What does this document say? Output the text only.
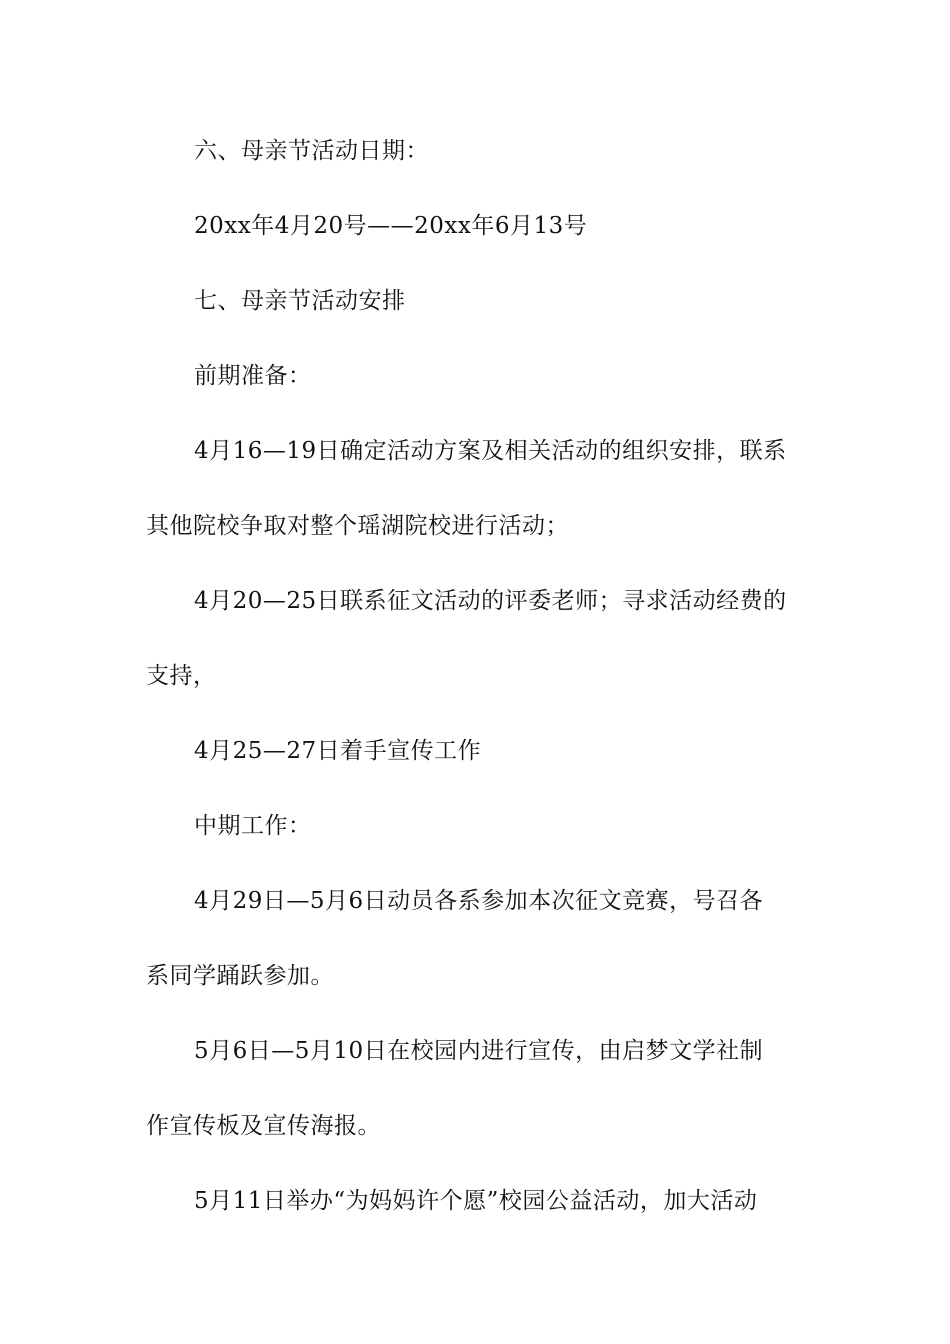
六、母亲节活动日期：
20xx年4月20号——20xx年6月13号
七、母亲节活动安排
前期准备：
4月16—19日确定活动方案及相关活动的组织安排，联系
其他院校争取对整个瑶湖院校进行活动；
4月20—25日联系征文活动的评委老师；寻求活动经费的
支持，
4月25—27日着手宣传工作
中期工作：
4月29日—5月6日动员各系参加本次征文竞赛，号召各
系同学踊跃参加。
5月6日—5月10日在校园内进行宣传，由启梦文学社制
作宣传板及宣传海报。
5月11日举办“为妈妈许个愿”校园公益活动，加大活动
